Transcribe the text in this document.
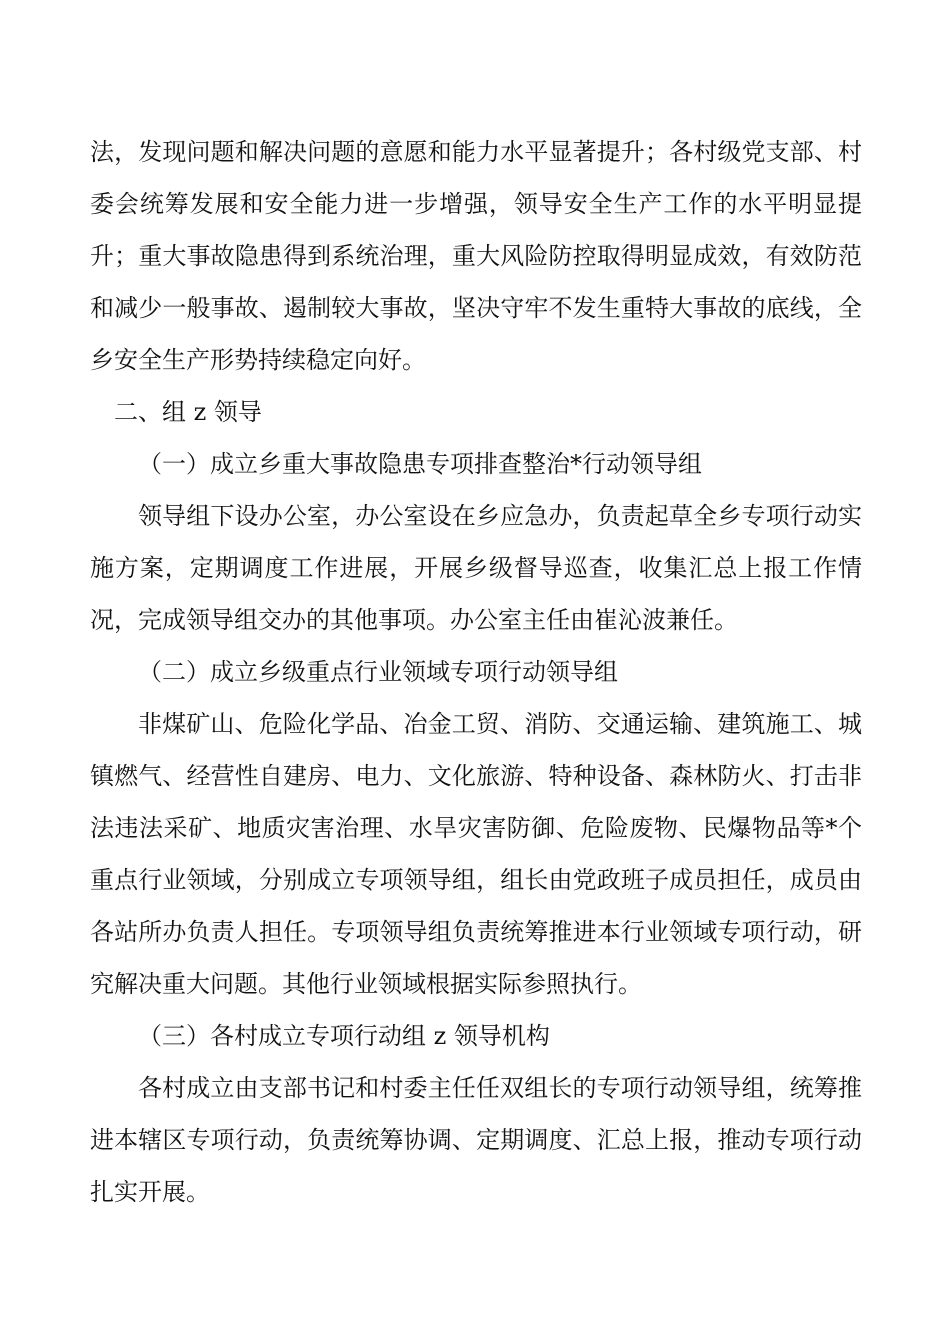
法，发现问题和解决问题的意愿和能力水平显著提升；各村级党支部、村委会统筹发展和安全能力进一步增强，领导安全生产工作的水平明显提升；重大事故隐患得到系统治理，重大风险防控取得明显成效，有效防范和减少一般事故、遏制较大事故，坚决守牢不发生重特大事故的底线，全乡安全生产形势持续稳定向好。

二、组 z 领导

（一）成立乡重大事故隐患专项排查整治*行动领导组

领导组下设办公室，办公室设在乡应急办，负责起草全乡专项行动实施方案，定期调度工作进展，开展乡级督导巡查，收集汇总上报工作情况，完成领导组交办的其他事项。办公室主任由崔沁波兼任。

（二）成立乡级重点行业领域专项行动领导组

非煤矿山、危险化学品、冶金工贸、消防、交通运输、建筑施工、城镇燃气、经营性自建房、电力、文化旅游、特种设备、森林防火、打击非法违法采矿、地质灾害治理、水旱灾害防御、危险废物、民爆物品等*个重点行业领域，分别成立专项领导组，组长由党政班子成员担任，成员由各站所办负责人担任。专项领导组负责统筹推进本行业领域专项行动，研究解决重大问题。其他行业领域根据实际参照执行。

（三）各村成立专项行动组 z 领导机构

各村成立由支部书记和村委主任任双组长的专项行动领导组，统筹推进本辖区专项行动，负责统筹协调、定期调度、汇总上报，推动专项行动扎实开展。
